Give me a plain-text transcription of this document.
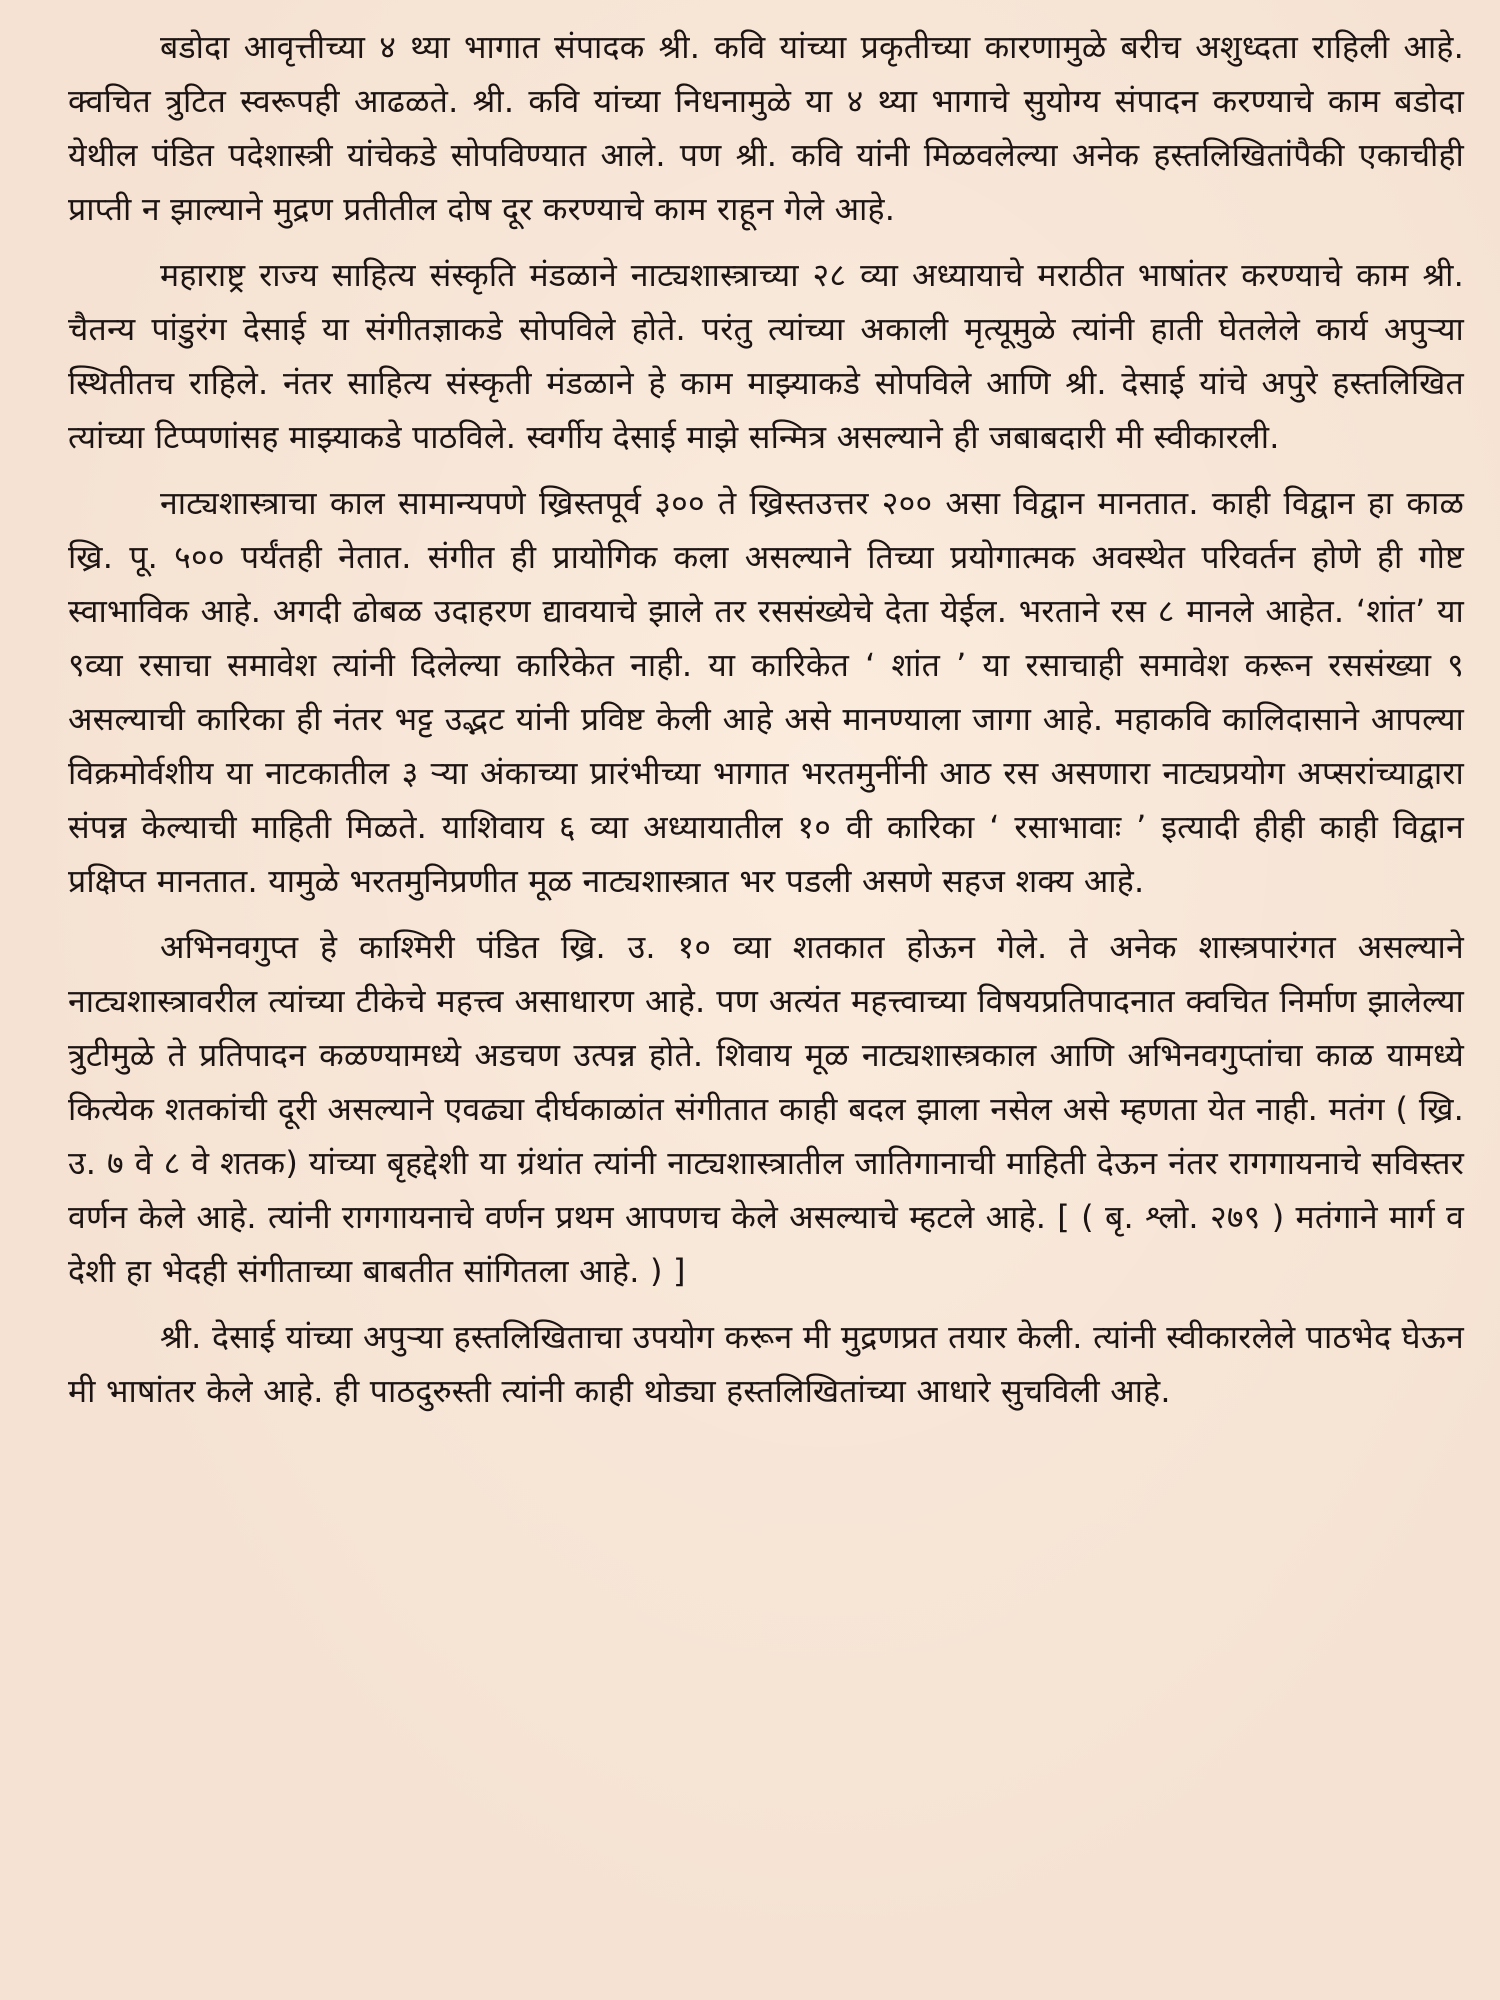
बडोदा आवृत्तीच्या ४ थ्या भागात संपादक श्री. कवि यांच्या प्रकृतीच्या कारणामुळे बरीच अशुध्दता राहिली आहे. क्वचित त्रुटित स्वरूपही आढळते. श्री. कवि यांच्या निधनामुळे या ४ थ्या भागाचे सुयोग्य संपादन करण्याचे काम बडोदा येथील पंडित पदेशास्त्री यांचेकडे सोपविण्यात आले. पण श्री. कवि यांनी मिळवलेल्या अनेक हस्तलिखितांपैकी एकाचीही प्राप्ती न झाल्याने मुद्रण प्रतीतील दोष दूर करण्याचे काम राहून गेले आहे.

महाराष्ट्र राज्य साहित्य संस्कृति मंडळाने नाट्यशास्त्राच्या २८ व्या अध्यायाचे मराठीत भाषांतर करण्याचे काम श्री. चैतन्य पांडुरंग देसाई या संगीतज्ञाकडे सोपविले होते. परंतु त्यांच्या अकाली मृत्यूमुळे त्यांनी हाती घेतलेले कार्य अपुऱ्या स्थितीतच राहिले. नंतर साहित्य संस्कृती मंडळाने हे काम माझ्याकडे सोपविले आणि श्री. देसाई यांचे अपुरे हस्तलिखित त्यांच्या टिप्पणांसह माझ्याकडे पाठविले. स्वर्गीय देसाई माझे सन्मित्र असल्याने ही जबाबदारी मी स्वीकारली.

नाट्यशास्त्राचा काल सामान्यपणे ख्रिस्तपूर्व ३०० ते ख्रिस्तउत्तर २०० असा विद्वान मानतात. काही विद्वान हा काळ ख्रि. पू. ५०० पर्यंतही नेतात. संगीत ही प्रायोगिक कला असल्याने तिच्या प्रयोगात्मक अवस्थेत परिवर्तन होणे ही गोष्ट स्वाभाविक आहे. अगदी ढोबळ उदाहरण द्यावयाचे झाले तर रससंख्येचे देता येईल. भरताने रस ८ मानले आहेत. ‘शांत’ या ९व्या रसाचा समावेश त्यांनी दिलेल्या कारिकेत नाही. या कारिकेत ‘ शांत ’ या रसाचाही समावेश करून रससंख्या ९ असल्याची कारिका ही नंतर भट्ट उद्भट यांनी प्रविष्ट केली आहे असे मानण्याला जागा आहे. महाकवि कालिदासाने आपल्या विक्रमोर्वशीय या नाटकातील ३ ऱ्या अंकाच्या प्रारंभीच्या भागात भरतमुनींनी आठ रस असणारा नाट्यप्रयोग अप्सरांच्याद्वारा संपन्न केल्याची माहिती मिळते. याशिवाय ६ व्या अध्यायातील १० वी कारिका ‘ रसाभावाः ’ इत्यादी हीही काही विद्वान प्रक्षिप्त मानतात. यामुळे भरतमुनिप्रणीत मूळ नाट्यशास्त्रात भर पडली असणे सहज शक्य आहे.

अभिनवगुप्त हे काश्मिरी पंडित ख्रि. उ. १० व्या शतकात होऊन गेले. ते अनेक शास्त्रपारंगत असल्याने नाट्यशास्त्रावरील त्यांच्या टीकेचे महत्त्व असाधारण आहे. पण अत्यंत महत्त्वाच्या विषयप्रतिपादनात क्वचित निर्माण झालेल्या त्रुटीमुळे ते प्रतिपादन कळण्यामध्ये अडचण उत्पन्न होते. शिवाय मूळ नाट्यशास्त्रकाल आणि अभिनवगुप्तांचा काळ यामध्ये कित्येक शतकांची दूरी असल्याने एवढ्या दीर्घकाळांत संगीतात काही बदल झाला नसेल असे म्हणता येत नाही. मतंग ( ख्रि. उ. ७ वे ८ वे शतक) यांच्या बृहद्देशी या ग्रंथांत त्यांनी नाट्यशास्त्रातील जातिगानाची माहिती देऊन नंतर रागगायनाचे सविस्तर वर्णन केले आहे. त्यांनी रागगायनाचे वर्णन प्रथम आपणच केले असल्याचे म्हटले आहे. [ ( बृ. श्लो. २७९ ) मतंगाने मार्ग व देशी हा भेदही संगीताच्या बाबतीत सांगितला आहे. ) ]

श्री. देसाई यांच्या अपुऱ्या हस्तलिखिताचा उपयोग करून मी मुद्रणप्रत तयार केली. त्यांनी स्वीकारलेले पाठभेद घेऊन मी भाषांतर केले आहे. ही पाठदुरुस्ती त्यांनी काही थोड्या हस्तलिखितांच्या आधारे सुचविली आहे.
